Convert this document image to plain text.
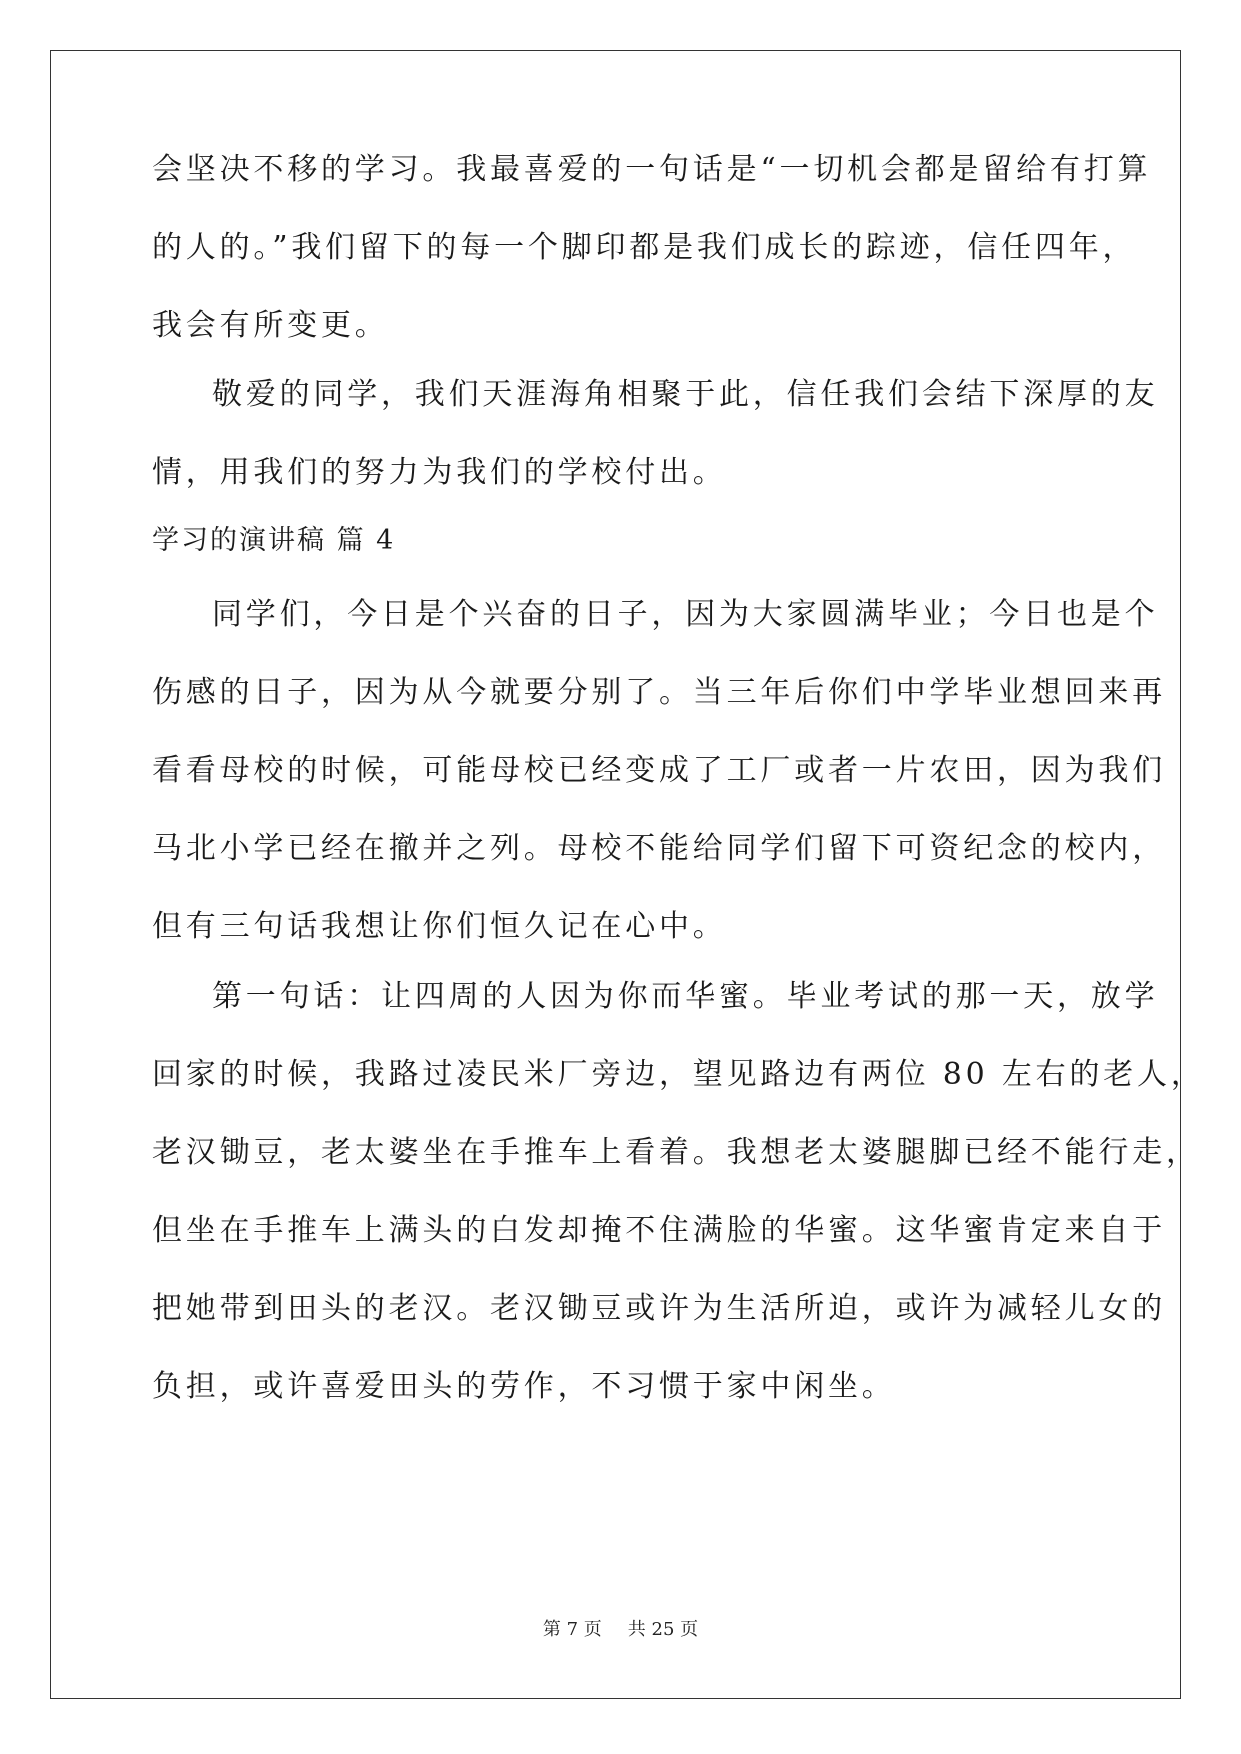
会坚决不移的学习。我最喜爱的一句话是“一切机会都是留给有打算
的人的。”我们留下的每一个脚印都是我们成长的踪迹，信任四年，
我会有所变更。
敬爱的同学，我们天涯海角相聚于此，信任我们会结下深厚的友
情，用我们的努力为我们的学校付出。
学习的演讲稿 篇 4
同学们，今日是个兴奋的日子，因为大家圆满毕业；今日也是个
伤感的日子，因为从今就要分别了。当三年后你们中学毕业想回来再
看看母校的时候，可能母校已经变成了工厂或者一片农田，因为我们
马北小学已经在撤并之列。母校不能给同学们留下可资纪念的校内，
但有三句话我想让你们恒久记在心中。
第一句话：让四周的人因为你而华蜜。毕业考试的那一天，放学
回家的时候，我路过凌民米厂旁边，望见路边有两位 80 左右的老人，
老汉锄豆，老太婆坐在手推车上看着。我想老太婆腿脚已经不能行走，
但坐在手推车上满头的白发却掩不住满脸的华蜜。这华蜜肯定来自于
把她带到田头的老汉。老汉锄豆或许为生活所迫，或许为减轻儿女的
负担，或许喜爱田头的劳作，不习惯于家中闲坐。
第 7 页 共 25 页
